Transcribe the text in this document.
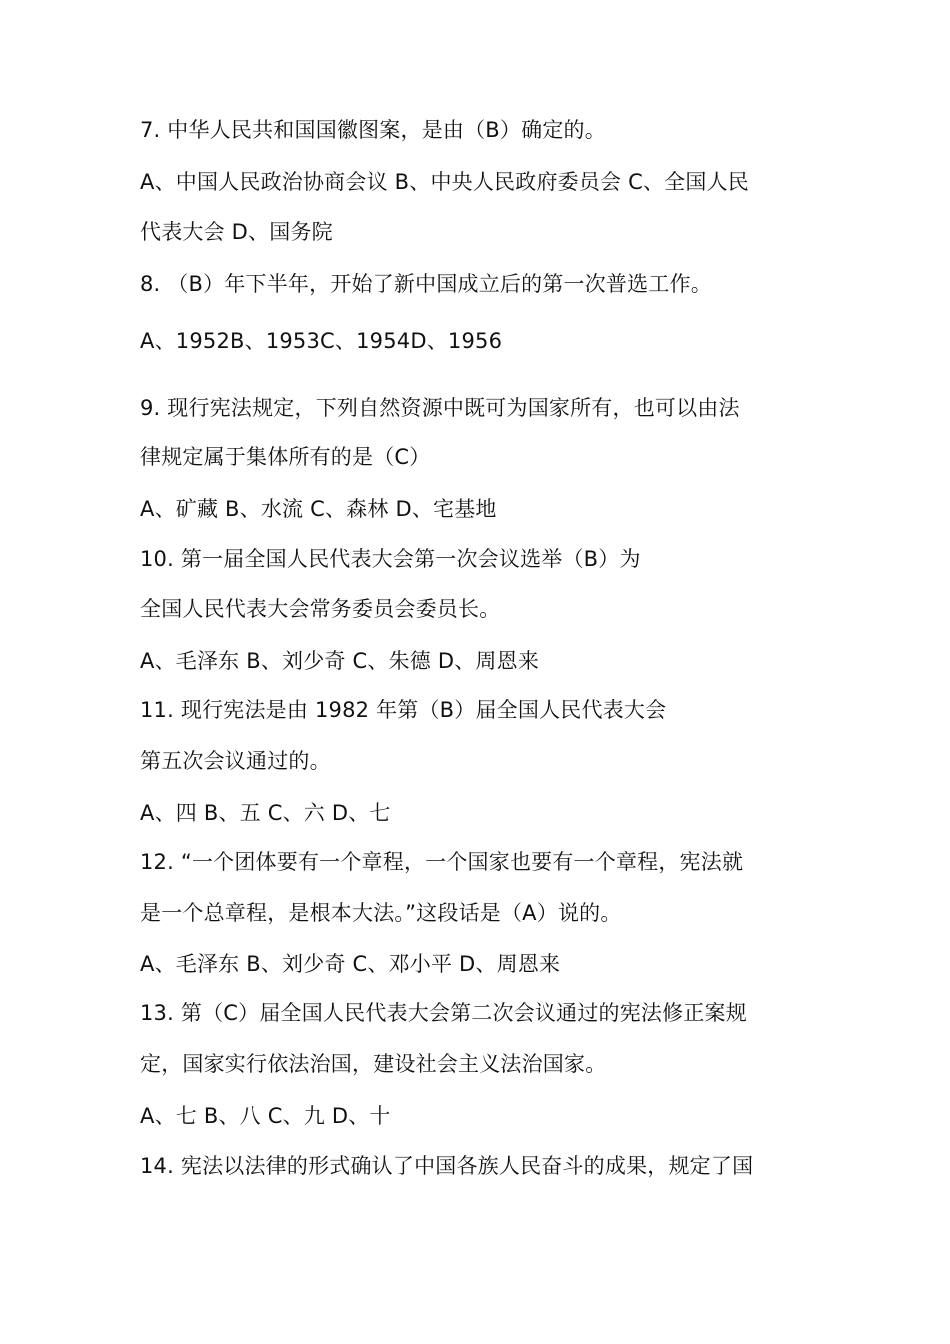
7. 中华人民共和国国徽图案，是由（B）确定的。
A、中国人民政治协商会议 B、中央人民政府委员会 C、全国人民
代表大会 D、国务院
8. （B）年下半年，开始了新中国成立后的第一次普选工作。
A、1952B、1953C、1954D、1956
9. 现行宪法规定，下列自然资源中既可为国家所有，也可以由法
律规定属于集体所有的是（C）
A、矿藏 B、水流 C、森林 D、宅基地
10. 第一届全国人民代表大会第一次会议选举（B）为
全国人民代表大会常务委员会委员长。
A、毛泽东 B、刘少奇 C、朱德 D、周恩来
11. 现行宪法是由 1982 年第（B）届全国人民代表大会
第五次会议通过的。
A、四 B、五 C、六 D、七
12. “一个团体要有一个章程，一个国家也要有一个章程，宪法就
是一个总章程，是根本大法。”这段话是（A）说的。
A、毛泽东 B、刘少奇 C、邓小平 D、周恩来
13. 第（C）届全国人民代表大会第二次会议通过的宪法修正案规
定，国家实行依法治国，建设社会主义法治国家。
A、七 B、八 C、九 D、十
14. 宪法以法律的形式确认了中国各族人民奋斗的成果，规定了国
